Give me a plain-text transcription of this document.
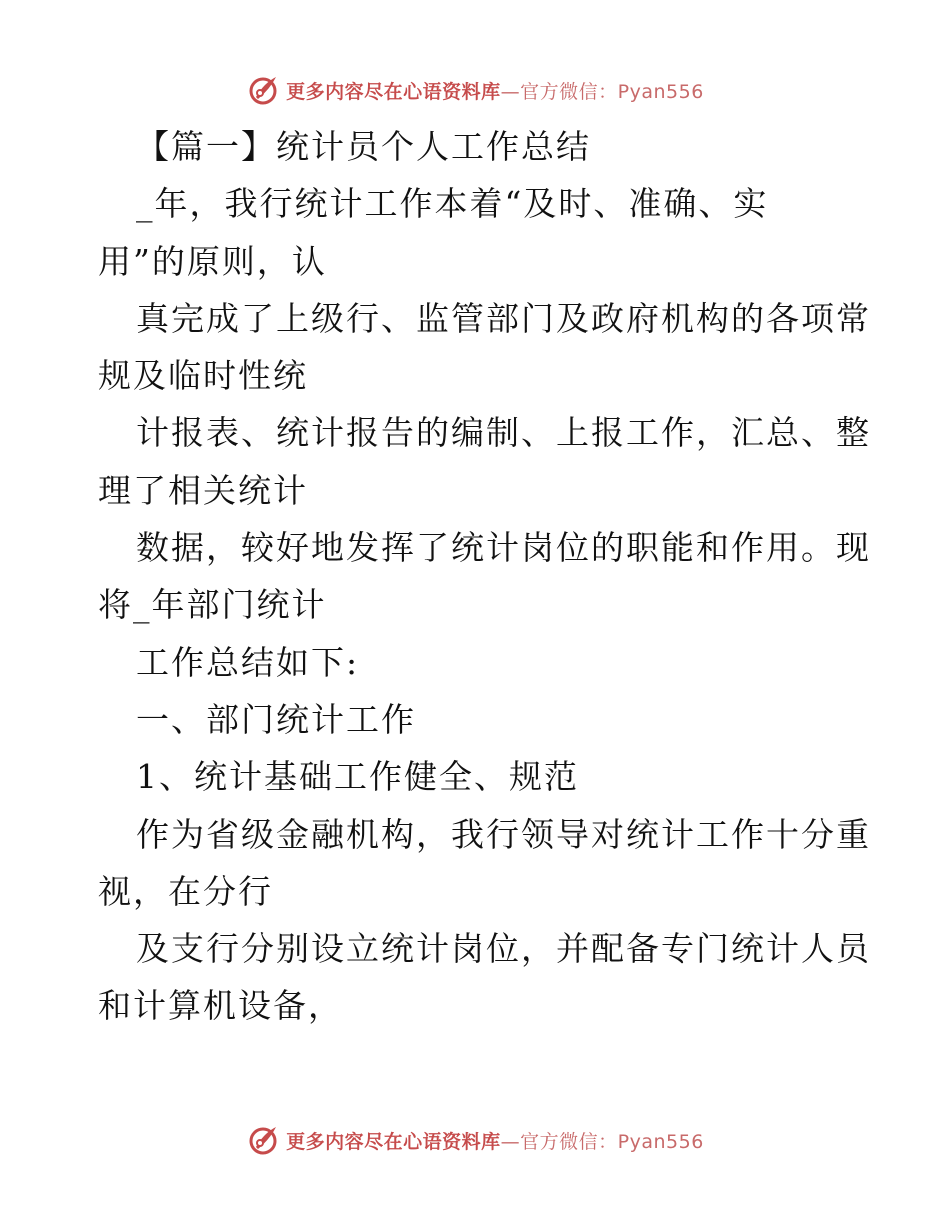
更多内容尽在心语资料库—官方微信：Pyan556
【篇一】统计员个人工作总结
_年，我行统计工作本着“及时、准确、实
用”的原则，认
真完成了上级行、监管部门及政府机构的各项常
规及临时性统
计报表、统计报告的编制、上报工作，汇总、整
理了相关统计
数据，较好地发挥了统计岗位的职能和作用。现
将_年部门统计
工作总结如下:
一、部门统计工作
1、统计基础工作健全、规范
作为省级金融机构，我行领导对统计工作十分重
视，在分行
及支行分别设立统计岗位，并配备专门统计人员
和计算机设备，
更多内容尽在心语资料库—官方微信：Pyan556
